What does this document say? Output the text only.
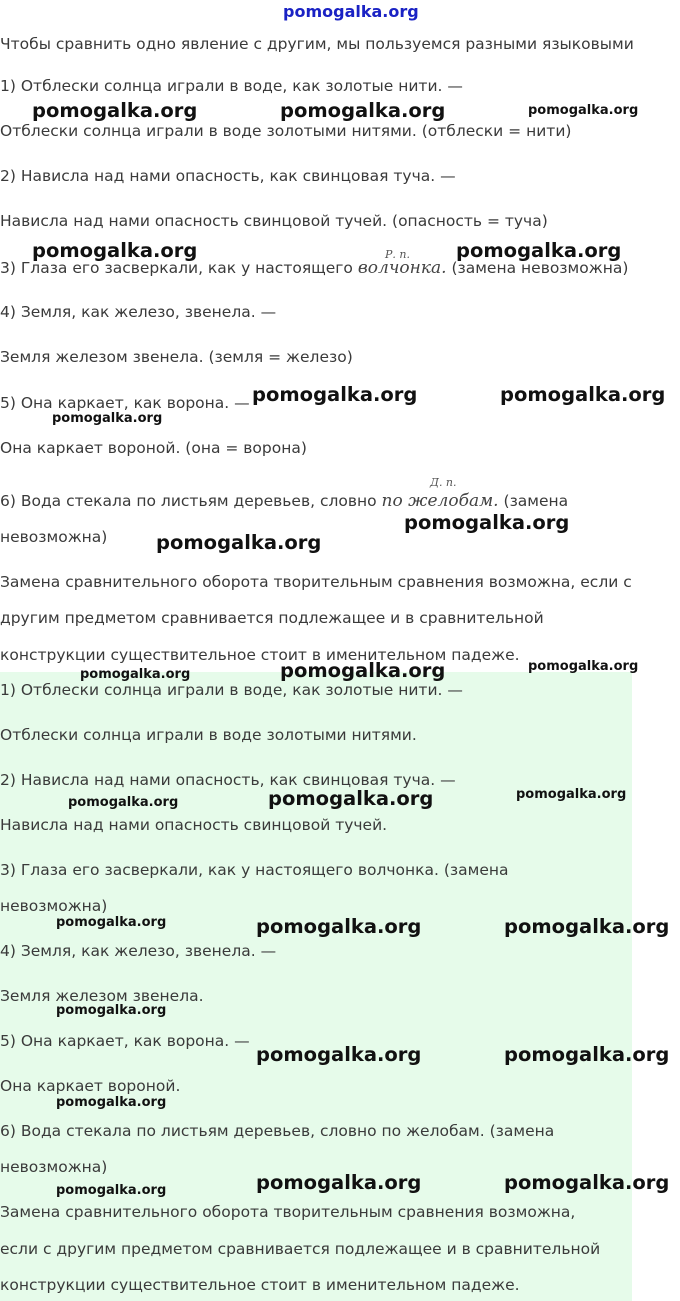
pomogalka.org
Чтобы сравнить одно явление с другим, мы пользуемся разными языковыми
1) Отблески солнца играли в воде, как золотые нити. —
Отблески солнца играли в воде золотыми нитями. (отблески = нити)
2) Нависла над нами опасность, как свинцовая туча. —
Нависла над нами опасность свинцовой тучей. (опасность = туча)
Р. п.
3) Глаза его засверкали, как у настоящего волчонка. (замена невозможна)
4) Земля, как железо, звенела. —
Земля железом звенела. (земля = железо)
5) Она каркает, как ворона. —
Она каркает вороной. (она = ворона)
Д. п.
6) Вода стекала по листьям деревьев, словно по желобам. (замена
невозможна)
Замена сравнительного оборота творительным сравнения возможна, если с
другим предметом сравнивается подлежащее и в сравнительной
конструкции существительное стоит в именительном падеже.
1) Отблески солнца играли в воде, как золотые нити. —
Отблески солнца играли в воде золотыми нитями.
2) Нависла над нами опасность, как свинцовая туча. —
Нависла над нами опасность свинцовой тучей.
3) Глаза его засверкали, как у настоящего волчонка. (замена
невозможна)
4) Земля, как железо, звенела. —
Земля железом звенела.
5) Она каркает, как ворона. —
Она каркает вороной.
6) Вода стекала по листьям деревьев, словно по желобам. (замена
невозможна)
Замена сравнительного оборота творительным сравнения возможна,
если с другим предметом сравнивается подлежащее и в сравнительной
конструкции существительное стоит в именительном падеже.
pomogalka.org	pomogalka.org
pomogalka.org	pomogalka.org
pomogalka.org	pomogalka.org
pomogalka.org
pomogalka.org
pomogalka.org
pomogalka.org
pomogalka.org	pomogalka.org
pomogalka.org	pomogalka.org
pomogalka.org	pomogalka.org
pomogalka.org
pomogalka.org
pomogalka.org
pomogalka.org
pomogalka.org
pomogalka.org
pomogalka.org
pomogalka.org
pomogalka.org
pomogalka.org
